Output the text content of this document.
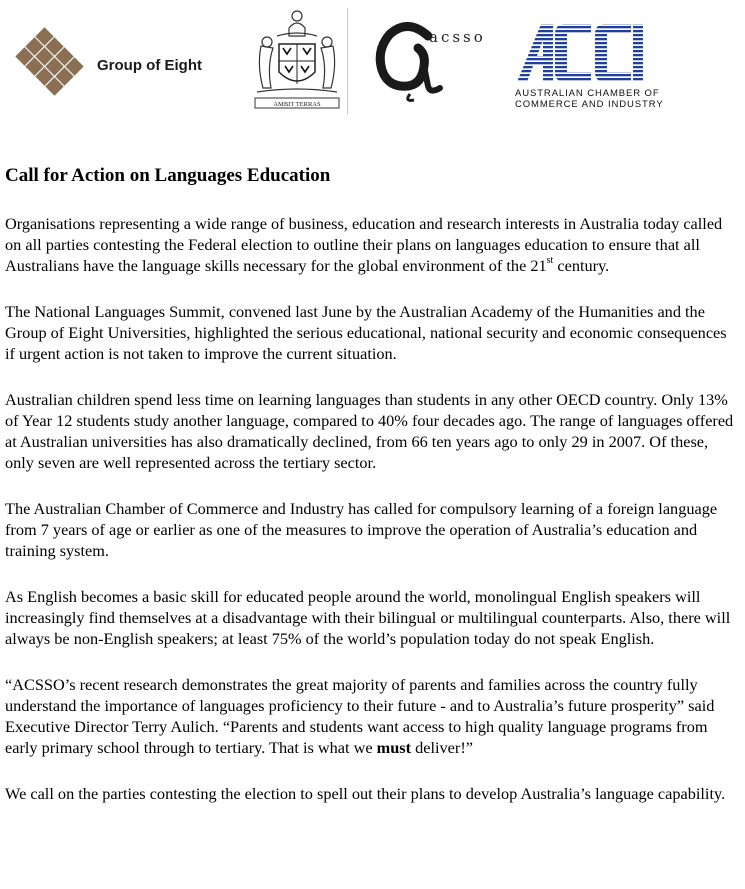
Group of Eight
AMBIT TERRAS
acsso
AUSTRALIAN CHAMBER OF
COMMERCE AND INDUSTRY
Call for Action on Languages Education

Organisations representing a wide range of business, education and research interests in Australia today called on all parties contesting the Federal election to outline their plans on languages education to ensure that all Australians have the language skills necessary for the global environment of the 21st century.

The National Languages Summit, convened last June by the Australian Academy of the Humanities and the Group of Eight Universities, highlighted the serious educational, national security and economic consequences if urgent action is not taken to improve the current situation.

Australian children spend less time on learning languages than students in any other OECD country. Only 13% of Year 12 students study another language, compared to 40% four decades ago. The range of languages offered at Australian universities has also dramatically declined, from 66 ten years ago to only 29 in 2007. Of these, only seven are well represented across the tertiary sector.

The Australian Chamber of Commerce and Industry has called for compulsory learning of a foreign language from 7 years of age or earlier as one of the measures to improve the operation of Australia’s education and training system.

As English becomes a basic skill for educated people around the world, monolingual English speakers will increasingly find themselves at a disadvantage with their bilingual or multilingual counterparts. Also, there will always be non-English speakers; at least 75% of the world’s population today do not speak English.

“ACSSO’s recent research demonstrates the great majority of parents and families across the country fully understand the importance of languages proficiency to their future - and to Australia’s future prosperity” said Executive Director Terry Aulich. “Parents and students want access to high quality language programs from early primary school through to tertiary. That is what we must deliver!”

We call on the parties contesting the election to spell out their plans to develop Australia’s language capability.
